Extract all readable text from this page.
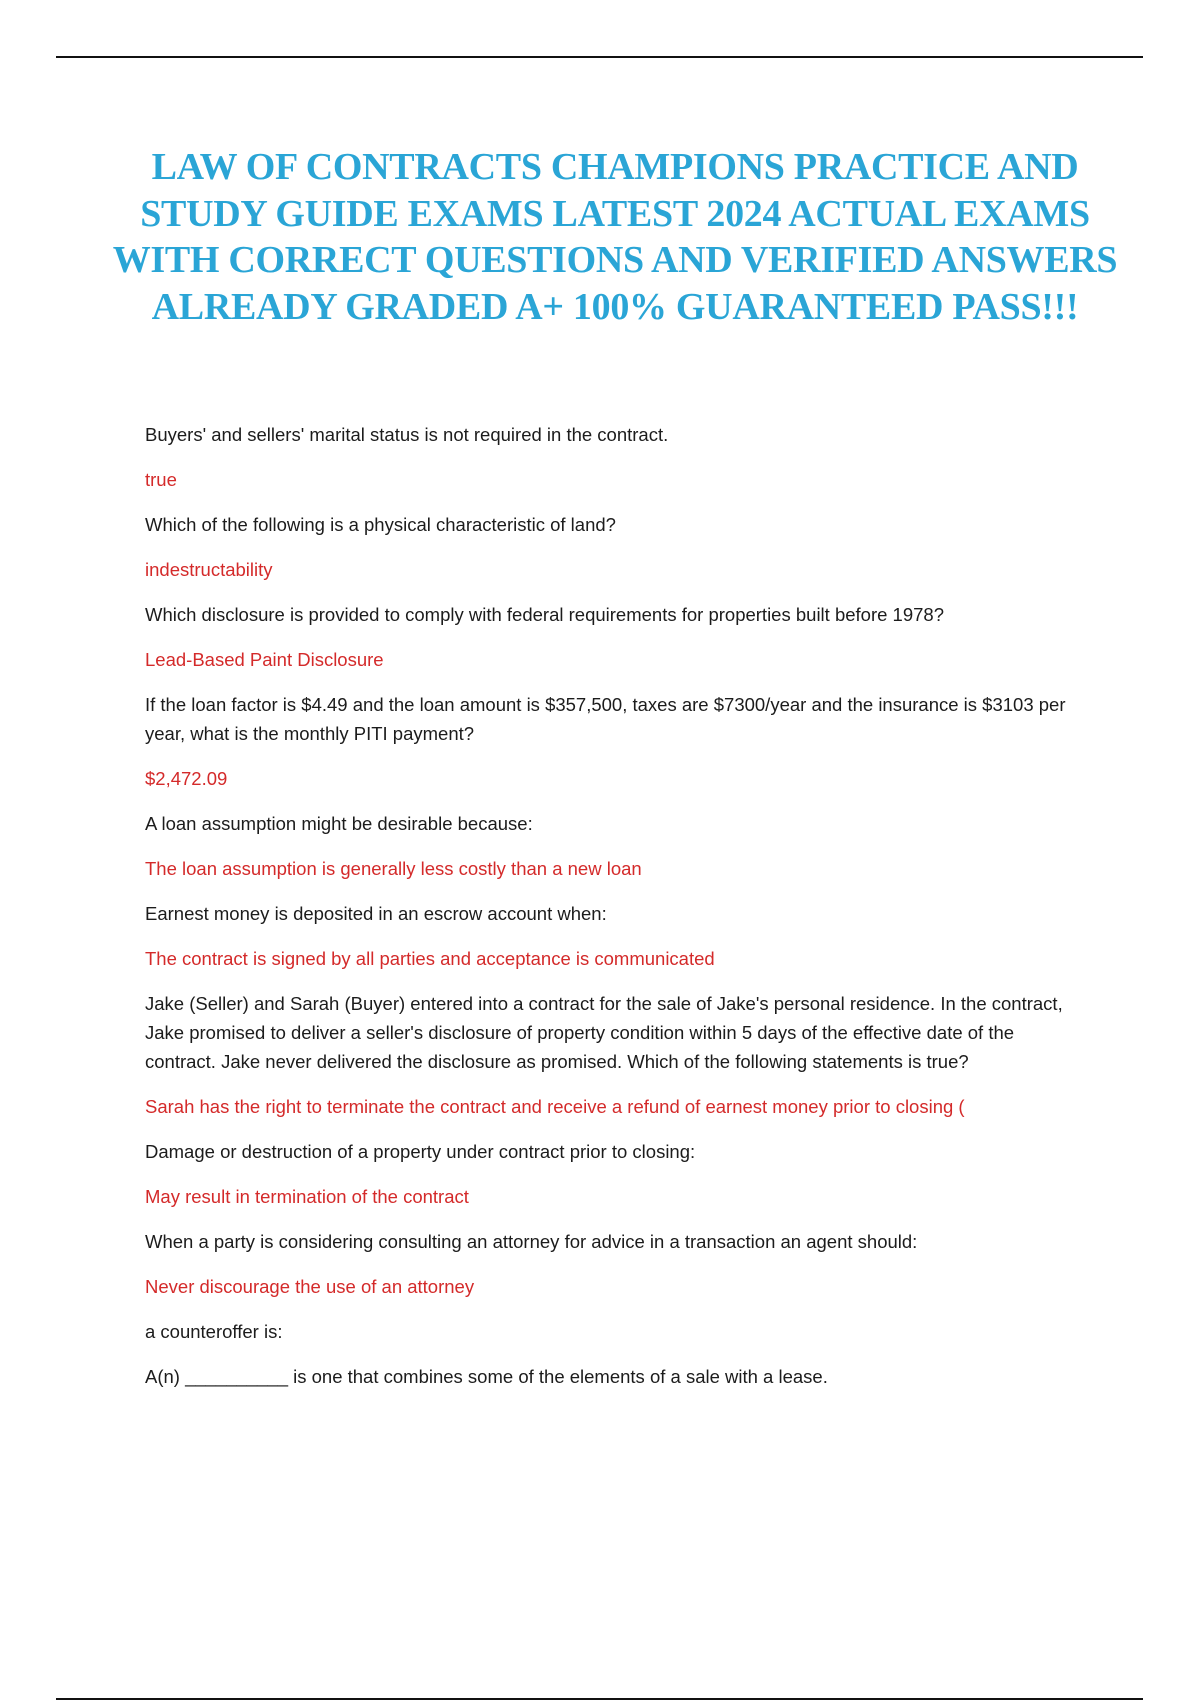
LAW OF CONTRACTS CHAMPIONS PRACTICE AND STUDY GUIDE EXAMS LATEST 2024 ACTUAL EXAMS WITH CORRECT QUESTIONS AND VERIFIED ANSWERS ALREADY GRADED A+ 100% GUARANTEED PASS!!!

Buyers' and sellers' marital status is not required in the contract.

true

Which of the following is a physical characteristic of land?

indestructability

Which disclosure is provided to comply with federal requirements for properties built before 1978?

Lead-Based Paint Disclosure

If the loan factor is $4.49 and the loan amount is $357,500, taxes are $7300/year and the insurance is $3103 per year, what is the monthly PITI payment?

$2,472.09

A loan assumption might be desirable because:

The loan assumption is generally less costly than a new loan

Earnest money is deposited in an escrow account when:

The contract is signed by all parties and acceptance is communicated

Jake (Seller) and Sarah (Buyer) entered into a contract for the sale of Jake's personal residence. In the contract, Jake promised to deliver a seller's disclosure of property condition within 5 days of the effective date of the contract. Jake never delivered the disclosure as promised. Which of the following statements is true?

Sarah has the right to terminate the contract and receive a refund of earnest money prior to closing (

Damage or destruction of a property under contract prior to closing:

May result in termination of the contract

When a party is considering consulting an attorney for advice in a transaction an agent should:

Never discourage the use of an attorney

a counteroffer is:

A(n) __________ is one that combines some of the elements of a sale with a lease.
